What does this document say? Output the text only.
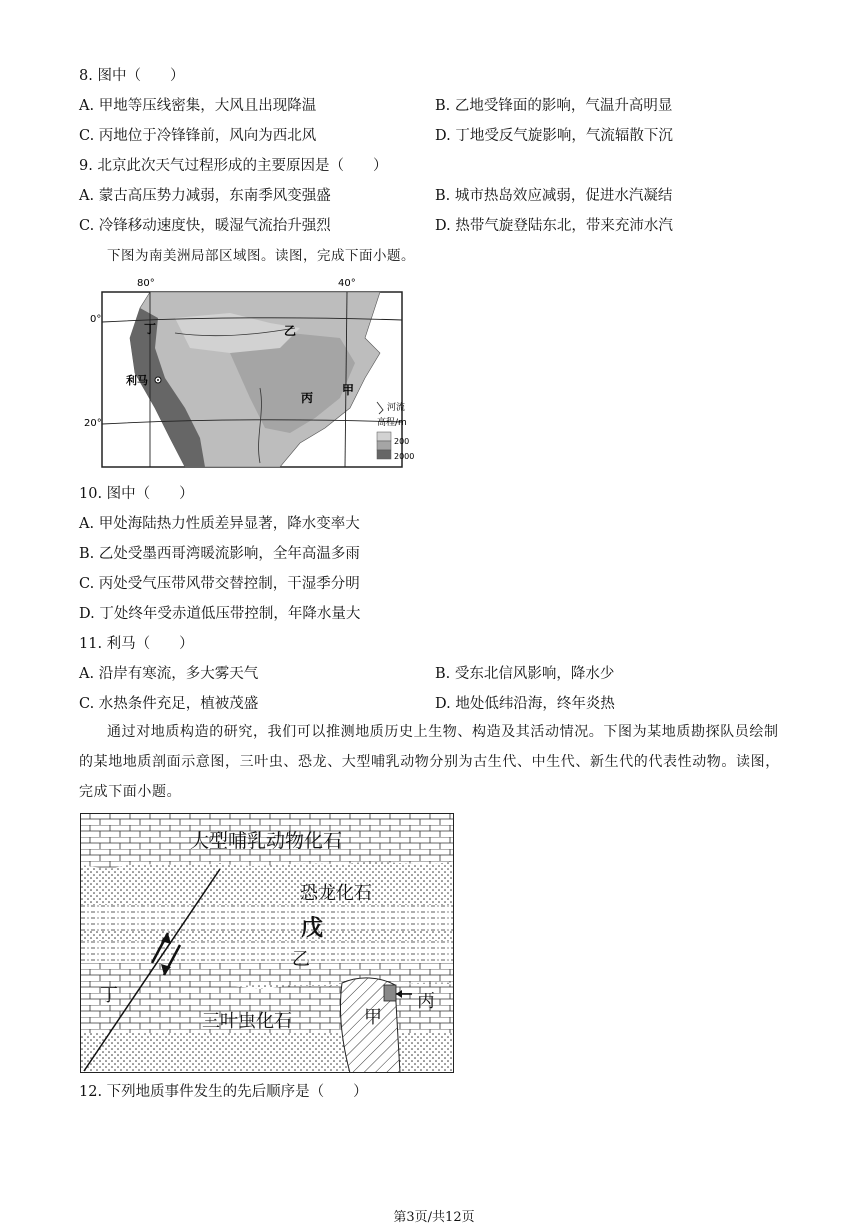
8. 图中（　　）
A. 甲地等压线密集，大风且出现降温	B. 乙地受锋面的影响，气温升高明显
C. 丙地位于冷锋锋前，风向为西北风	D. 丁地受反气旋影响，气流辐散下沉
9. 北京此次天气过程形成的主要原因是（　　）
A. 蒙古高压势力减弱，东南季风变强盛	B. 城市热岛效应减弱，促进水汽凝结
C. 冷锋移动速度快，暖湿气流抬升强烈	D. 热带气旋登陆东北，带来充沛水汽
下图为南美洲局部区域图。读图，完成下面小题。
80°	40°
0°
20°
丁	乙
丙
甲
利马
河流
高程/m
200
2000
10. 图中（　　）
A. 甲处海陆热力性质差异显著，降水变率大
B. 乙处受墨西哥湾暖流影响，全年高温多雨
C. 丙处受气压带风带交替控制，干湿季分明
D. 丁处终年受赤道低压带控制，年降水量大
11. 利马（　　）
A. 沿岸有寒流，多大雾天气	B. 受东北信风影响，降水少
C. 水热条件充足，植被茂盛	D. 地处低纬沿海，终年炎热
通过对地质构造的研究，我们可以推测地质历史上生物、构造及其活动情况。下图为某地质勘探队员绘制的某地地质剖面示意图，三叶虫、恐龙、大型哺乳动物分别为古生代、中生代、新生代的代表性动物。读图，完成下面小题。
大型哺乳动物化石
恐龙化石
戊
乙
丁
三叶虫化石	甲
丙
12. 下列地质事件发生的先后顺序是（　　）
第3页/共12页
